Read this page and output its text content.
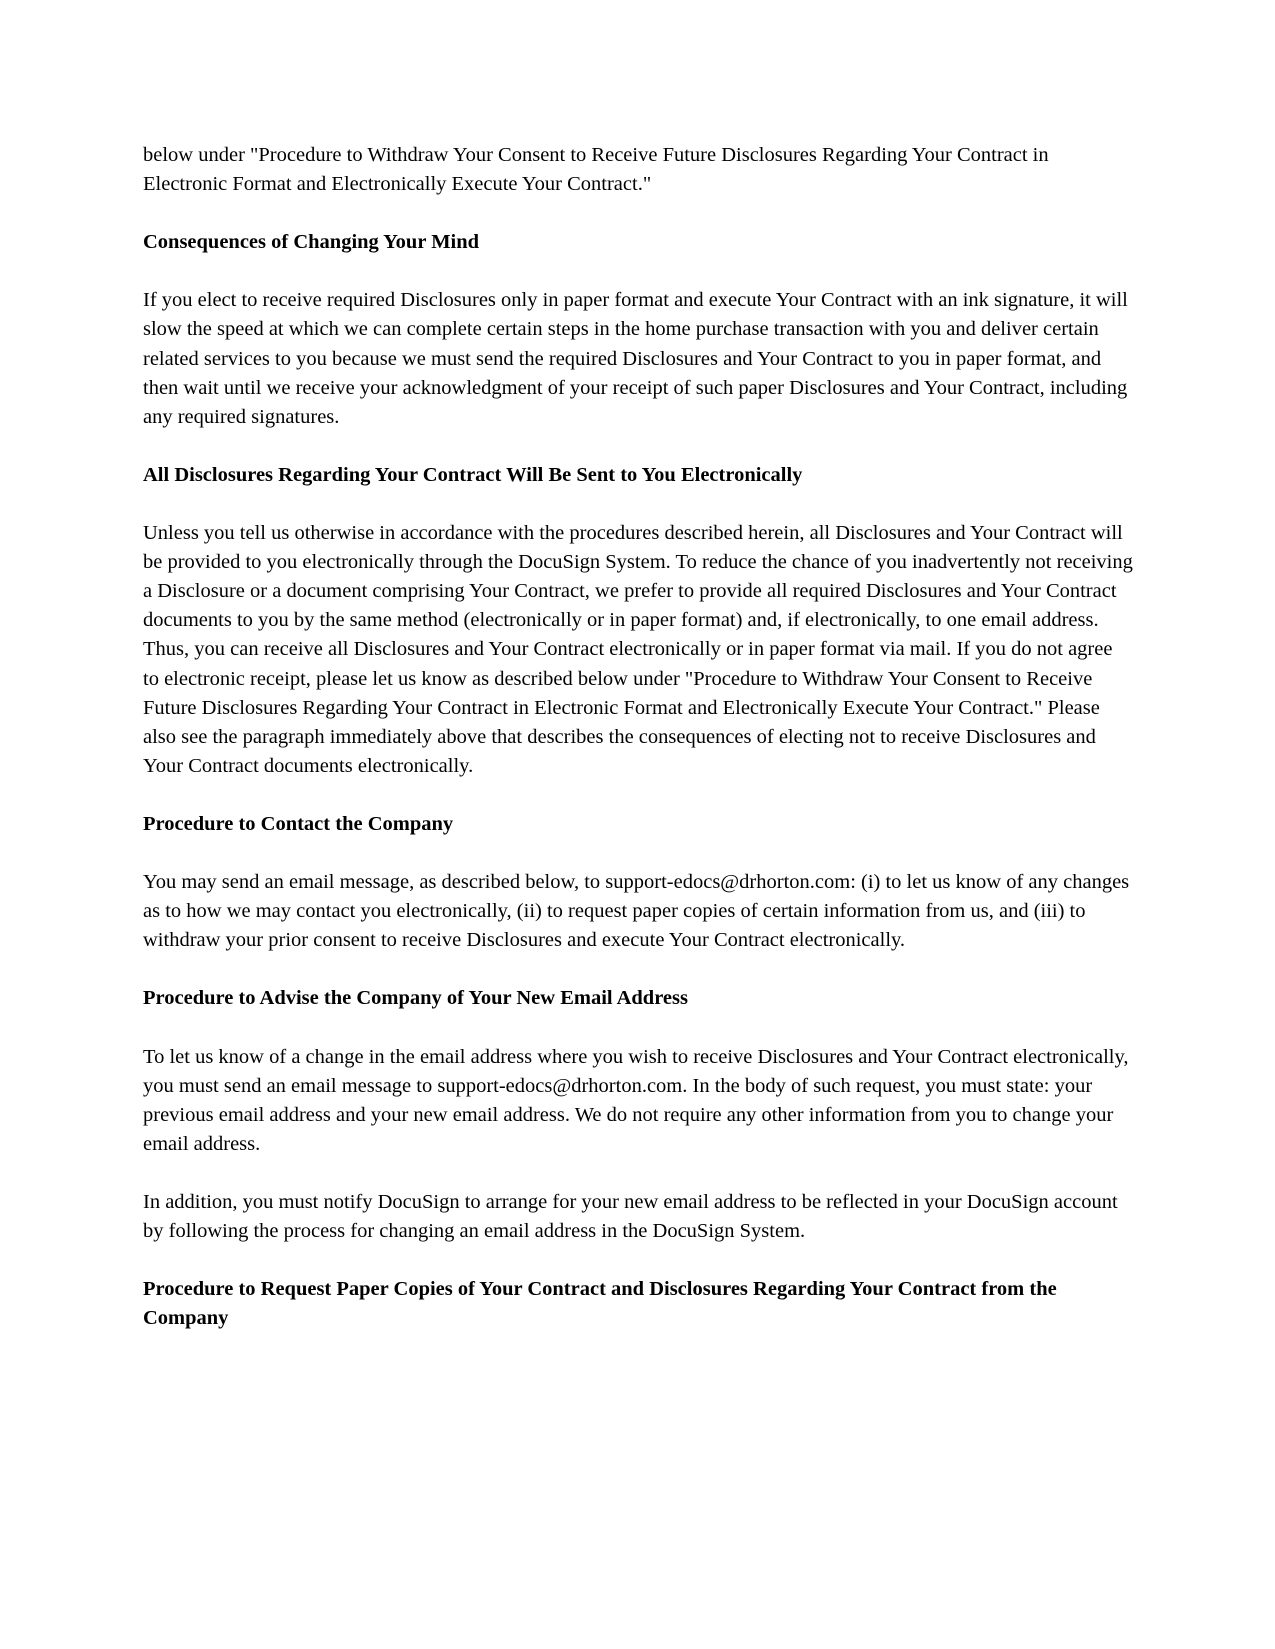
below under "Procedure to Withdraw Your Consent to Receive Future Disclosures Regarding Your Contract in Electronic Format and Electronically Execute Your Contract."

Consequences of Changing Your Mind

If you elect to receive required Disclosures only in paper format and execute Your Contract with an ink signature, it will slow the speed at which we can complete certain steps in the home purchase transaction with you and deliver certain related services to you because we must send the required Disclosures and Your Contract to you in paper format, and then wait until we receive your acknowledgment of your receipt of such paper Disclosures and Your Contract, including any required signatures.

All Disclosures Regarding Your Contract Will Be Sent to You Electronically

Unless you tell us otherwise in accordance with the procedures described herein, all Disclosures and Your Contract will be provided to you electronically through the DocuSign System. To reduce the chance of you inadvertently not receiving a Disclosure or a document comprising Your Contract, we prefer to provide all required Disclosures and Your Contract documents to you by the same method (electronically or in paper format) and, if electronically, to one email address. Thus, you can receive all Disclosures and Your Contract electronically or in paper format via mail. If you do not agree to electronic receipt, please let us know as described below under "Procedure to Withdraw Your Consent to Receive Future Disclosures Regarding Your Contract in Electronic Format and Electronically Execute Your Contract." Please also see the paragraph immediately above that describes the consequences of electing not to receive Disclosures and Your Contract documents electronically.

Procedure to Contact the Company

You may send an email message, as described below, to support-edocs@drhorton.com: (i) to let us know of any changes as to how we may contact you electronically, (ii) to request paper copies of certain information from us, and (iii) to withdraw your prior consent to receive Disclosures and execute Your Contract electronically.

Procedure to Advise the Company of Your New Email Address

To let us know of a change in the email address where you wish to receive Disclosures and Your Contract electronically, you must send an email message to support-edocs@drhorton.com. In the body of such request, you must state: your previous email address and your new email address. We do not require any other information from you to change your email address.

In addition, you must notify DocuSign to arrange for your new email address to be reflected in your DocuSign account by following the process for changing an email address in the DocuSign System.

Procedure to Request Paper Copies of Your Contract and Disclosures Regarding Your Contract from the Company
